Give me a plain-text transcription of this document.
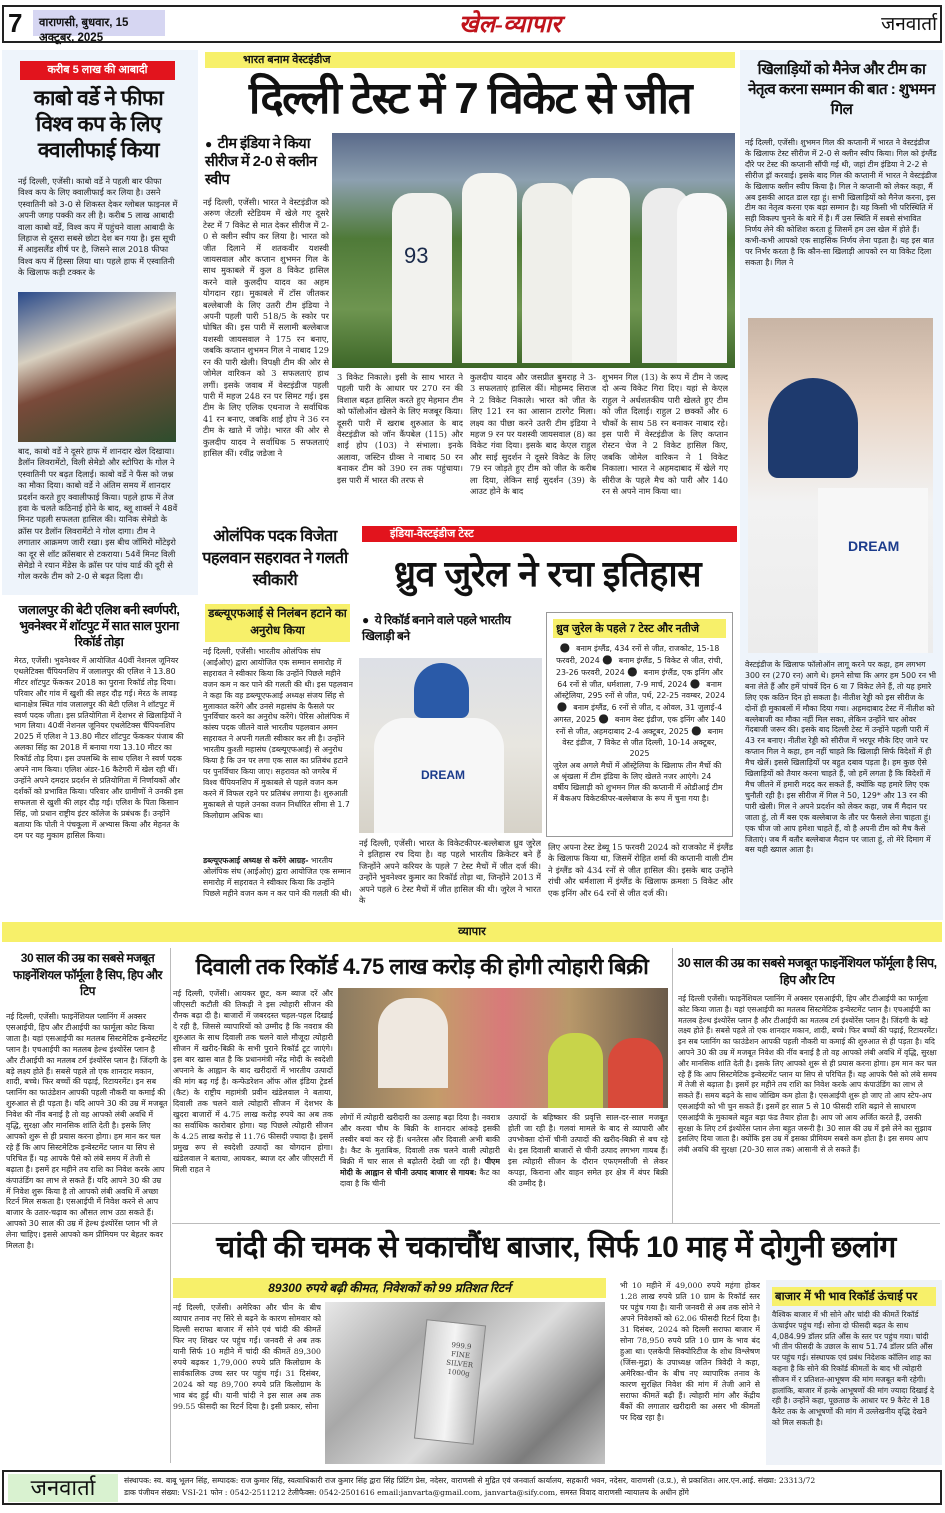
7	वाराणसी, बुधवार, 15 अक्टूबर, 2025	खेल-व्यापार	जनवार्ता
करीब 5 लाख की आबादी
काबो वर्डे ने फीफा विश्व कप के लिए क्वालीफाई किया
नई दिल्ली, एजेंसी। काबो वर्डे ने पहली बार फीफा विश्व कप के लिए क्वालीफाई कर लिया है। उसने एस्वातिनी को 3-0 से शिकस्त देकर ग्लोबल फाइनल में अपनी जगह पक्की कर ली है। करीब 5 लाख आबादी वाला काबो वर्डे, विश्व कप में पहुंचने वाला आबादी के लिहाज से दूसरा सबसे छोटा देश बन गया है। इस सूची में आइसलैंड शीर्ष पर है, जिसने साल 2018 फीफा विश्व कप में हिस्सा लिया था। पहले हाफ में एस्वातिनी के खिलाफ कड़ी टक्कर के
बाद, काबो वर्डे ने दूसरे हाफ में शानदार खेल दिखाया। डैलॉन लिवरामेंटो, विली सेमेडो और स्टोपिरा के गोल ने एस्वातिनी पर बढ़त दिलाई। काबो वर्डे ने फैंस को जश्न का मौका दिया। काबो वर्डे ने अंतिम समय में शानदार प्रदर्शन करते हुए क्वालीफाई किया। पहले हाफ में तेज हवा के चलते कठिनाई होने के बाद, ब्लू शार्क्स ने 48वें मिनट पहली सफलता हासिल की। यानिक सेमेडो के क्रॉस पर डैलॉन लिवरामेंटो ने गोल दागा। टीम ने लगातार आक्रमण जारी रखा। इस बीच जॉमिरो मोंटेइरो का दूर से शॉट क्रॉसबार से टकराया। 54वें मिनट विली सेमेडो ने रयान मेंडेस के क्रॉस पर पांच यार्ड की दूरी से गोल करके टीम को 2-0 से बढ़त दिला दी।
जलालपुर की बेटी एलिश बनी स्वर्णपरी, भुवनेश्वर में शॉटपुट में सात साल पुराना रिकॉर्ड तोड़ा
मेरठ, एजेंसी। भुवनेश्वर में आयोजित 40वीं नेशनल जूनियर एथलेटिक्स चैंपियनशिप में जलालपुर की एलिश ने 13.80 मीटर शॉटपुट फेंककर 2018 का पुराना रिकॉर्ड तोड़ दिया। परिवार और गांव में खुशी की लहर दौड़ गई। मेरठ के लावड़ थानाक्षेत्र स्थित गांव जलालपुर की बेटी एलिश ने शॉटपुट में स्वर्ण पदक जीता। इस प्रतियोगिता में देशभर से खिलाड़ियों ने भाग लिया। 40वीं नेशनल जूनियर एथलेटिक्स चैंपियनशिप 2025 में एलिश ने 13.80 मीटर शॉटपुट फेंककर पंजाब की अलका सिंह का 2018 में बनाया गया 13.10 मीटर का रिकॉर्ड तोड़ दिया। इस उपलब्धि के साथ एलिश ने स्वर्ण पदक अपने नाम किया। एलिश अंडर-16 कैटेगरी में खेल रही थीं। उन्होंने अपने दमदार प्रदर्शन से प्रतियोगिता में निर्णायकों और दर्शकों को प्रभावित किया। परिवार और ग्रामीणों ने उनकी इस सफलता से खुशी की लहर दौड़ गई। एलिश के पिता किसान सिंह, जो प्रधान राष्ट्रीय इंटर कॉलेज के प्रबंधक हैं। उन्होंने बताया कि पोती ने पंचकूला में अभ्यास किया और मेहनत के दम पर यह मुकाम हासिल किया।
भारत बनाम वेस्टइंडीज
दिल्ली टेस्ट में 7 विकेट से जीत
● टीम इंडिया ने किया सीरीज में 2-0 से क्लीन स्वीप
नई दिल्ली, एजेंसी। भारत ने वेस्टइंडीज को अरुण जेटली स्टेडियम में खेले गए दूसरे टेस्ट में 7 विकेट से मात देकर सीरीज में 2-0 से क्लीन स्वीप कर लिया है। भारत को जीत दिलाने में शतकवीर यशस्वी जायसवाल और कप्तान शुभमन गिल के साथ मुकाबले में कुल 8 विकेट हासिल करने वाले कुलदीप यादव का अहम योगदान रहा। मुकाबले में टॉस जीतकर बल्लेबाजी के लिए उतरी टीम इंडिया ने अपनी पहली पारी 518/5 के स्कोर पर घोषित की। इस पारी में सलामी बल्लेबाज यशस्वी जायसवाल ने 175 रन बनाए, जबकि कप्तान शुभमन गिल ने नाबाद 129 रन की पारी खेली। विपक्षी टीम की ओर से जोमेल वारिकन को 3 सफलताएं हाथ लगीं। इसके जवाब में वेस्टइंडीज पहली पारी में महज 248 रन पर सिमट गई। इस टीम के लिए एलिक एथनाज ने सर्वाधिक 41 रन बनाए, जबकि शाई होप ने 36 रन टीम के खाते में जोड़े। भारत की ओर से कुलदीप यादव ने सर्वाधिक 5 सफलताएं हासिल कीं। रवींद्र जडेजा ने
93
3 विकेट निकाले। इसी के साथ भारत ने पहली पारी के आधार पर 270 रन की विशाल बढ़त हासिल करते हुए मेहमान टीम को फॉलोऑन खेलने के लिए मजबूर किया। दूसरी पारी में खराब शुरुआत के बाद वेस्टइंडीज को जॉन कैंपबेल (115) और शाई होप (103) ने संभाला। इनके अलावा, जस्टिन ग्रीव्स ने नाबाद 50 रन बनाकर टीम को 390 रन तक पहुंचाया। इस पारी में भारत की तरफ से
कुलदीप यादव और जसप्रीत बुमराह ने 3-3 सफलताएं हासिल कीं। मोहम्मद सिराज ने 2 विकेट निकाले। भारत को जीत के लिए 121 रन का आसान टारगेट मिला। लक्ष्य का पीछा करने उतरी टीम इंडिया ने महज 9 रन पर यशस्वी जायसवाल (8) का विकेट गंवा दिया। इसके बाद केएल राहुल और साई सुदर्शन ने दूसरे विकेट के लिए 79 रन जोड़ते हुए टीम को जीत के करीब ला दिया, लेकिन साई सुदर्शन (39) के आउट होने के बाद
शुभमन गिल (13) के रूप में टीम ने जल्द दो अन्य विकेट गिरा दिए। यहां से केएल राहुल ने अर्धशतकीय पारी खेलते हुए टीम को जीत दिलाई। राहुल 2 छक्कों और 6 चौकों के साथ 58 रन बनाकर नाबाद रहे। इस पारी में वेस्टइंडीज के लिए कप्तान रोस्टन चेज ने 2 विकेट हासिल किए, जबकि जोमेल वारिकन ने 1 विकेट निकाला। भारत ने अहमदाबाद में खेले गए सीरीज के पहले मैच को पारी और 140 रन से अपने नाम किया था।
खिलाड़ियों को मैनेज और टीम का नेतृत्व करना सम्मान की बात : शुभमन गिल
नई दिल्ली, एजेंसी। शुभमन गिल की कप्तानी में भारत ने वेस्टइंडीज के खिलाफ टेस्ट सीरीज में 2-0 से क्लीन स्वीप किया। गिल को इंग्लैंड दौरे पर टेस्ट की कप्तानी सौंपी गई थी, जहां टीम इंडिया ने 2-2 से सीरीज ड्रॉ करवाई। इसके बाद गिल की कप्तानी में भारत ने वेस्टइंडीज के खिलाफ क्लीन स्वीप किया है। गिल ने कप्तानी को लेकर कहा, मैं अब इसकी आदत डाल रहा हूं। सभी खिलाड़ियों को मैनेज करना, इस टीम का नेतृत्व करना एक बड़ा सम्मान है। यह किसी भी परिस्थिति में सही विकल्प चुनने के बारे में है। मैं उस स्थिति में सबसे संभावित निर्णय लेने की कोशिश करता हूं जिसमें हम उस खेल में होते हैं। कभी-कभी आपको एक साहसिक निर्णय लेना पड़ता है। यह इस बात पर निर्भर करता है कि कौन-सा खिलाड़ी आपको रन या विकेट दिला सकता है। गिल ने
DREAM
वेस्टइंडीज के खिलाफ फॉलोऑन लागू करने पर कहा, हम लगभग 300 रन (270 रन) आगे थे। हमने सोचा कि अगर हम 500 रन भी बना लेते हैं और हमें पांचवें दिन 6 या 7 विकेट लेने हैं, तो यह हमारे लिए एक कठिन दिन हो सकता है। नीतीश रेड्डी को इस सीरीज के दोनों ही मुकाबलों में मौका दिया गया। अहमदाबाद टेस्ट में नीतीश को बल्लेबाजी का मौका नहीं मिल सका, लेकिन उन्होंने चार ओवर गेंदबाजी जरूर की। इसके बाद दिल्ली टेस्ट में उन्होंने पहली पारी में 43 रन बनाए। नीतीश रेड्डी को सीरीज में भरपूर मौके दिए जाने पर कप्तान गिल ने कहा, हम नहीं चाहते कि खिलाड़ी सिर्फ विदेशों में ही मैच खेलें। इससे खिलाड़ियों पर बहुत दबाव पड़ता है। हम कुछ ऐसे खिलाड़ियों को तैयार करना चाहते हैं, जो हमें लगता है कि विदेशों में मैच जीतने में हमारी मदद कर सकते हैं, क्योंकि यह हमारे लिए एक चुनौती रही है। इस सीरीज में गिल ने 50, 129* और 13 रन की पारी खेली। गिल ने अपने प्रदर्शन को लेकर कहा, जब मैं मैदान पर जाता हूं, तो मैं बस एक बल्लेबाज के तौर पर फैसले लेना चाहता हूं। एक चीज जो आप हमेशा चाहते हैं, वो है अपनी टीम को मैच कैसे जिताएं। जब मैं बतौर बल्लेबाज मैदान पर जाता हूं, तो मेरे दिमाग में बस यही ख्याल आता है।
ओलंपिक पदक विजेता पहलवान सहरावत ने गलती स्वीकारी
डब्ल्यूएफआई से निलंबन हटाने का अनुरोध किया
नई दिल्ली, एजेंसी। भारतीय ओलंपिक संघ (आईओए) द्वारा आयोजित एक सम्मान समारोह में सहरावत ने स्वीकार किया कि उन्होंने पिछले महीने वजन कम न कर पाने की गलती की थी। इस पहलवान ने कहा कि वह डब्ल्यूएफआई अध्यक्ष संजय सिंह से मुलाकात करेंगे और उनसे महासंघ के फैसले पर पुनर्विचार करने का अनुरोध करेंगे। पेरिस ओलंपिक में कांस्य पदक जीतने वाले भारतीय पहलवान अमन सहरावत ने अपनी गलती स्वीकार कर ली है। उन्होंने भारतीय कुश्ती महासंघ (डब्ल्यूएफआई) से अनुरोध किया है कि उन पर लगा एक साल का प्रतिबंध हटाने पर पुनर्विचार किया जाए। सहरावत को जगरेब में विश्व चैंपियनशिप में मुकाबले से पहले वजन कम करने में विफल रहने पर प्रतिबंध लगाया है। शुरुआती मुकाबले से पहले उनका वजन निर्धारित सीमा से 1.7 किलोग्राम अधिक था।
डब्ल्यूएफआई अध्यक्ष से करेंगे आग्रह- भारतीय ओलंपिक संघ (आईओए) द्वारा आयोजित एक सम्मान समारोह में सहरावत ने स्वीकार किया कि उन्होंने पिछले महीने वजन कम न कर पाने की गलती की थी।
इंडिया-वेस्टइंडीज टेस्ट
ध्रुव जुरेल ने रचा इतिहास
● ये रिकॉर्ड बनाने वाले पहले भारतीय खिलाड़ी बने
DREAM
नई दिल्ली, एजेंसी। भारत के विकेटकीपर-बल्लेबाज ध्रुव जुरेल ने इतिहास रच दिया है। वह पहले भारतीय क्रिकेटर बने हैं जिन्होंने अपने करियर के पहले 7 टेस्ट मैचों में जीत दर्ज की। उन्होंने भुवनेश्वर कुमार का रिकॉर्ड तोड़ा था, जिन्होंने 2013 में अपने पहले 6 टेस्ट मैचों में जीत हासिल की थी। जुरेल ने भारत के
ध्रुव जुरेल के पहले 7 टेस्ट और नतीजे
● बनाम इंग्लैंड, 434 रनों से जीत, राजकोट, 15-18 फरवरी, 2024 ● बनाम इंग्लैंड, 5 विकेट से जीत, रांची, 23-26 फरवरी, 2024 ● बनाम इंग्लैंड, एक इनिंग और 64 रनों से जीत, धर्मशाला, 7-9 मार्च, 2024 ● बनाम ऑस्ट्रेलिया, 295 रनों से जीत, पर्थ, 22-25 नवम्बर, 2024 ● बनाम इंग्लैंड, 6 रनों से जीत, द ओवल, 31 जुलाई-4 अगस्त, 2025 ● बनाम वेस्ट इंडीज, एक इनिंग और 140 रनों से जीत, अहमदाबाद 2-4 अक्टूबर, 2025 ● बनाम वेस्ट इंडीज, 7 विकेट से जीत दिल्ली, 10-14 अक्टूबर, 2025
जुरेल अब अगले मैचों में ऑस्ट्रेलिया के खिलाफ तीन मैचों की अ श्रृंखला में टीम इंडिया के लिए खेलते नजर आएंगे। 24 वर्षीय खिलाड़ी को शुभमन गिल की कप्तानी में ओडीआई टीम में बैकअप विकेटकीपर-बल्लेबाज के रूप में चुना गया है।
लिए अपना टेस्ट डेब्यू 15 फरवरी 2024 को राजकोट में इंग्लैंड के खिलाफ किया था, जिसमें रोहित शर्मा की कप्तानी वाली टीम ने इंग्लैंड को 434 रनों से जीत हासिल की। इसके बाद उन्होंने रांची और धर्मशाला में इंग्लैंड के खिलाफ क्रमशः 5 विकेट और एक इनिंग और 64 रनों से जीत दर्ज की।
व्यापार
30 साल की उम्र का सबसे मजबूत फाइनेंशियल फॉर्मूला है सिप, हिप और टिप
नई दिल्ली, एजेंसी। फाइनेंशियल प्लानिंग में अक्सर एसआईपी, हिप और टीआईपी का फार्मूला कोट किया जाता है। यहां एसआईपी का मतलब सिस्टमेटिक इन्वेस्टमेंट प्लान है। एचआईपी का मतलब हेल्थ इंश्योरेंस प्लान है और टीआईपी का मतलब टर्म इंश्योरेंस प्लान है। जिंदगी के बड़े लक्ष्य होते हैं। सबसे पहले तो एक शानदार मकान, शादी, बच्चे। फिर बच्चों की पढ़ाई, रिटायरमेंट। इन सब प्लानिंग का फाउंडेशन आपकी पहली नौकरी या कमाई की शुरुआत से ही पड़ता है। यदि आपने 30 की उम्र में मजबूत निवेश की नींव बनाई है तो वह आपको लंबी अवधि में वृद्धि, सुरक्षा और मानसिक शांति देती है। इसके लिए आपको शुरू से ही प्रयास करना होगा। हम मान कर चल रहे हैं कि आप सिस्टमेटिक इन्वेस्टमेंट प्लान या सिप से परिचित हैं। यह आपके पैसे को लंबे समय में तेजी से बढ़ाता है। इसमें हर महीने तय राशि का निवेश करके आप कंपाउंडिंग का लाभ ले सकते हैं। यदि आपने 30 की उम्र में निवेश शुरू किया है तो आपको लंबी अवधि में अच्छा रिटर्न मिल सकता है। एसआईपी में निवेश करने से आप बाजार के उतार-चढ़ाव का औसत लाभ उठा सकते हैं। आपको 30 साल की उम्र में हेल्थ इंश्योरेंस प्लान भी ले लेना चाहिए। इससे आपको कम प्रीमियम पर बेहतर कवर मिलता है।
दिवाली तक रिकॉर्ड 4.75 लाख करोड़ की होगी त्योहारी बिक्री
नई दिल्ली, एजेंसी। आयकर छूट, कम ब्याज दरें और जीएसटी कटौती की तिकड़ी ने इस त्योहारी सीजन की रौनक बढ़ा दी है। बाजारों में जबरदस्त चहल-पहल दिखाई दे रही है, जिससे व्यापारियों को उम्मीद है कि नवरात्र की शुरुआत के साथ दिवाली तक चलने वाले मौजूदा त्योहारी सीजन में खरीद-बिक्री के सभी पुराने रिकॉर्ड टूट जाएंगे। इस बार खास बात है कि प्रधानमंत्री नरेंद्र मोदी के स्वदेशी अपनाने के आह्वान के बाद खरीदारों में भारतीय उत्पादों की मांग बढ़ गई है। कन्फेडरेशन ऑफ ऑल इंडिया ट्रेडर्स (कैट) के राष्ट्रीय महामंत्री प्रवीन खंडेलवाल ने बताया, दिवाली तक चलने वाले त्योहारी सीजन में देशभर के खुदरा बाजारों में 4.75 लाख करोड़ रुपये का अब तक का सर्वाधिक कारोबार होगा। यह पिछले त्योहारी सीजन के 4.25 लाख करोड़ से 11.76 फीसदी ज्यादा है। इसमें प्रमुख रूप से स्वदेशी उत्पादों का योगदान होगा। खंडेलवाल ने बताया, आयकर, ब्याज दर और जीएसटी में मिली राहत ने
लोगों में त्योहारी खरीदारी का उत्साह बढ़ा दिया है। नवरात्र और करवा चौथ के बिक्री के शानदार आंकड़े इसकी तस्वीर बयां कर रहे हैं। धनतेरस और दिवाली अभी बाकी है। कैट के मुताबिक, दिवाली तक चलने वाली त्योहारी बिक्री में चार साल से बढ़ोतरी देखी जा रही है। पीएम मोदी के आह्वान से चीनी उत्पाद बाजार से गायब: कैट का दावा है कि चीनी
उत्पादों के बहिष्कार की प्रवृत्ति साल-दर-साल मजबूत होती जा रही है। गलवां मामले के बाद से व्यापारी और उपभोक्ता दोनों चीनी उत्पादों की खरीद-बिक्री से बच रहे थे। इस दिवाली बाजारों से चीनी उत्पाद लगभग गायब हैं। इस त्योहारी सीजन के दौरान एफएमसीजी से लेकर कपड़ा, किराना और वाहन समेत हर क्षेत्र में बंपर बिक्री की उम्मीद है।
30 साल की उम्र का सबसे मजबूत फाइनेंशियल फॉर्मूला है सिप, हिप और टिप
नई दिल्ली एजेंसी। फाइनेंशियल प्लानिंग में अक्सर एसआईपी, हिप और टीआईपी का फार्मूला कोट किया जाता है। यहां एसआईपी का मतलब सिस्टमेटिक इन्वेस्टमेंट प्लान है। एचआईपी का मतलब हेल्थ इंश्योरेंस प्लान है और टीआईपी का मतलब टर्म इंश्योरेंस प्लान है। जिंदगी के बड़े लक्ष्य होते हैं। सबसे पहले तो एक शानदार मकान, शादी, बच्चे। फिर बच्चों की पढ़ाई, रिटायरमेंट। इन सब प्लानिंग का फाउंडेशन आपकी पहली नौकरी या कमाई की शुरुआत से ही पड़ता है। यदि आपने 30 की उम्र में मजबूत निवेश की नींव बनाई है तो वह आपको लंबी अवधि में वृद्धि, सुरक्षा और मानसिक शांति देती है। इसके लिए आपको शुरू से ही प्रयास करना होगा। हम मान कर चल रहे हैं कि आप सिस्टमेटिक इन्वेस्टमेंट प्लान या सिप से परिचित हैं। यह आपके पैसे को लंबे समय में तेजी से बढ़ाता है। इसमें हर महीने तय राशि का निवेश करके आप कंपाउंडिंग का लाभ ले सकते हैं। समय बढ़ने के साथ जोखिम कम होता है। एसआईपी शुरू हो जाए तो आप स्टेप-अप एसआईपी को भी चुन सकते हैं। इसमें हर साल 5 से 10 फीसदी राशि बढ़ाने से साधारण एसआईपी के मुकाबले बहुत बड़ा फंड तैयार होता है। आप जो आय अर्जित करते हैं, उसकी सुरक्षा के लिए टर्म इंश्योरेंस प्लान लेना बहुत जरूरी है। 30 साल की उम्र में इसे लेने का सुझाव इसलिए दिया जाता है। क्योंकि इस उम्र में इसका प्रीमियम सबसे कम होता है। इस समय आप लंबी अवधि की सुरक्षा (20-30 साल तक) आसानी से ले सकते हैं।
चांदी की चमक से चकाचौंध बाजार, सिर्फ 10 माह में दोगुनी छलांग
89300 रुपये बढ़ी कीमत, निवेशकों को 99 प्रतिशत रिटर्न
नई दिल्ली, एजेंसी। अमेरिका और चीन के बीच व्यापार तनाव नए सिरे से बढ़ने के कारण सोमवार को दिल्ली सराफा बाजार में सोने एवं चांदी की कीमतें फिर नए शिखर पर पहुंच गईं। जनवरी से अब तक यानी सिर्फ 10 महीने में चांदी की कीमतें 89,300 रुपये बढ़कर 1,79,000 रुपये प्रति किलोग्राम के सार्वकालिक उच्च स्तर पर पहुंच गई। 31 दिसंबर, 2024 को यह 89,700 रुपये प्रति किलोग्राम के भाव बंद हुई थी। यानी चांदी ने इस साल अब तक 99.55 फीसदी का रिटर्न दिया है। इसी प्रकार, सोना
999.9
FINE
SILVER
1000g
भी 10 महीने में 49,000 रुपये महंगा होकर 1.28 लाख रुपये प्रति 10 ग्राम के रिकॉर्ड स्तर पर पहुंच गया है। यानी जनवरी से अब तक सोने ने अपने निवेशकों को 62.06 फीसदी रिटर्न दिया है। 31 दिसंबर, 2024 को दिल्ली सराफा बाजार में सोना 78,950 रुपये प्रति 10 ग्राम के भाव बंद हुआ था। एलकेपी सिक्योरिटीज के शोध विश्लेषण (जिंस-मुद्रा) के उपाध्यक्ष जतिन त्रिवेदी ने कहा, अमेरिका-चीन के बीच नए व्यापारिक तनाव के कारण सुरक्षित निवेश की मांग में तेजी आने से सराफा कीमतें बढ़ी हैं। त्योहारी मांग और केंद्रीय बैंकों की लगातार खरीदारी का असर भी कीमतों पर दिख रहा है।
बाजार में भी भाव रिकॉर्ड ऊंचाई पर
वैश्विक बाजार में भी सोने और चांदी की कीमतें रिकॉर्ड ऊंचाईपर पहुंच गईं। सोना दो फीसदी बढ़त के साथ 4,084.99 डॉलर प्रति औंस के स्तर पर पहुंच गया। चांदी भी तीन फीसदी के उछाल के साथ 51.74 डॉलर प्रति औंस पर पहुंच गई। संस्थापक एवं प्रबंध निदेशक कॉलिन शाह का कहना है कि सोने की रिकॉर्ड कीमतों के बाद भी त्योहारी सीजन में र प्रतिशत-आभूषण की मांग मजबूत बनी रहेगी। हालांकि, बाजार में हल्के आभूषणों की मांग ज्यादा दिखाई दे रही है। उन्होंने कहा, पूछताछ के आधार पर 9 कैरेट से 18 कैरेट तक के आभूषणों की मांग में उल्लेखनीय वृद्धि देखने को मिल सकती है।
जनवार्ता	संस्थापक: स्व. बाबू भूलन सिंह, सम्पादक: राज कुमार सिंह, स्वत्वाधिकारी राज कुमार सिंह द्वारा सिंह प्रिंटिंग प्रेस, नदेसर, वाराणसी से मुद्रित एवं जनवार्ता कार्यालय, सहकारी भवन, नदेसर, वाराणसी (उ.प्र.), से प्रकाशित। आर.एन.आई. संख्या: 23313/72
डाक पंजीयन संख्या: VSI-21 फोन : 0542-2511212 टेलीफैक्स: 0542-2501616 email:janvarta@gmail.com, janvarta@sify.com, समस्त विवाद वाराणसी न्यायालय के अधीन होंगे
